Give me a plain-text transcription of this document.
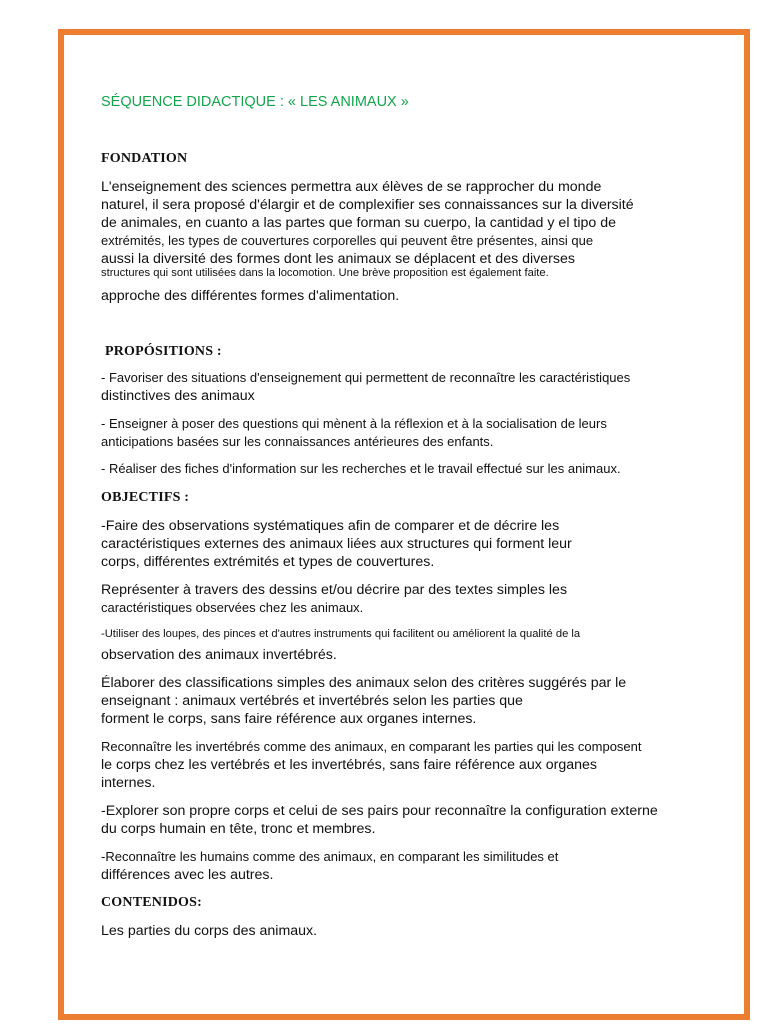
SÉQUENCE DIDACTIQUE : « LES ANIMAUX »
FONDATION
L'enseignement des sciences permettra aux élèves de se rapprocher du monde
naturel, il sera proposé d'élargir et de complexifier ses connaissances sur la diversité
de animales, en cuanto a las partes que forman su cuerpo, la cantidad y el tipo de
extrémités, les types de couvertures corporelles qui peuvent être présentes, ainsi que
aussi la diversité des formes dont les animaux se déplacent et des diverses
structures qui sont utilisées dans la locomotion. Une brève proposition est également faite.
approche des différentes formes d'alimentation.
PROPÓSITIONS :
- Favoriser des situations d'enseignement qui permettent de reconnaître les caractéristiques
distinctives des animaux
- Enseigner à poser des questions qui mènent à la réflexion et à la socialisation de leurs
anticipations basées sur les connaissances antérieures des enfants.
- Réaliser des fiches d'information sur les recherches et le travail effectué sur les animaux.
OBJECTIFS :
-Faire des observations systématiques afin de comparer et de décrire les
caractéristiques externes des animaux liées aux structures qui forment leur
corps, différentes extrémités et types de couvertures.
Représenter à travers des dessins et/ou décrire par des textes simples les
caractéristiques observées chez les animaux.
-Utiliser des loupes, des pinces et d'autres instruments qui facilitent ou améliorent la qualité de la
observation des animaux invertébrés.
Élaborer des classifications simples des animaux selon des critères suggérés par le
enseignant : animaux vertébrés et invertébrés selon les parties que
forment le corps, sans faire référence aux organes internes.
Reconnaître les invertébrés comme des animaux, en comparant les parties qui les composent
le corps chez les vertébrés et les invertébrés, sans faire référence aux organes
internes.
-Explorer son propre corps et celui de ses pairs pour reconnaître la configuration externe
du corps humain en tête, tronc et membres.
-Reconnaître les humains comme des animaux, en comparant les similitudes et
différences avec les autres.
CONTENIDOS:
Les parties du corps des animaux.
